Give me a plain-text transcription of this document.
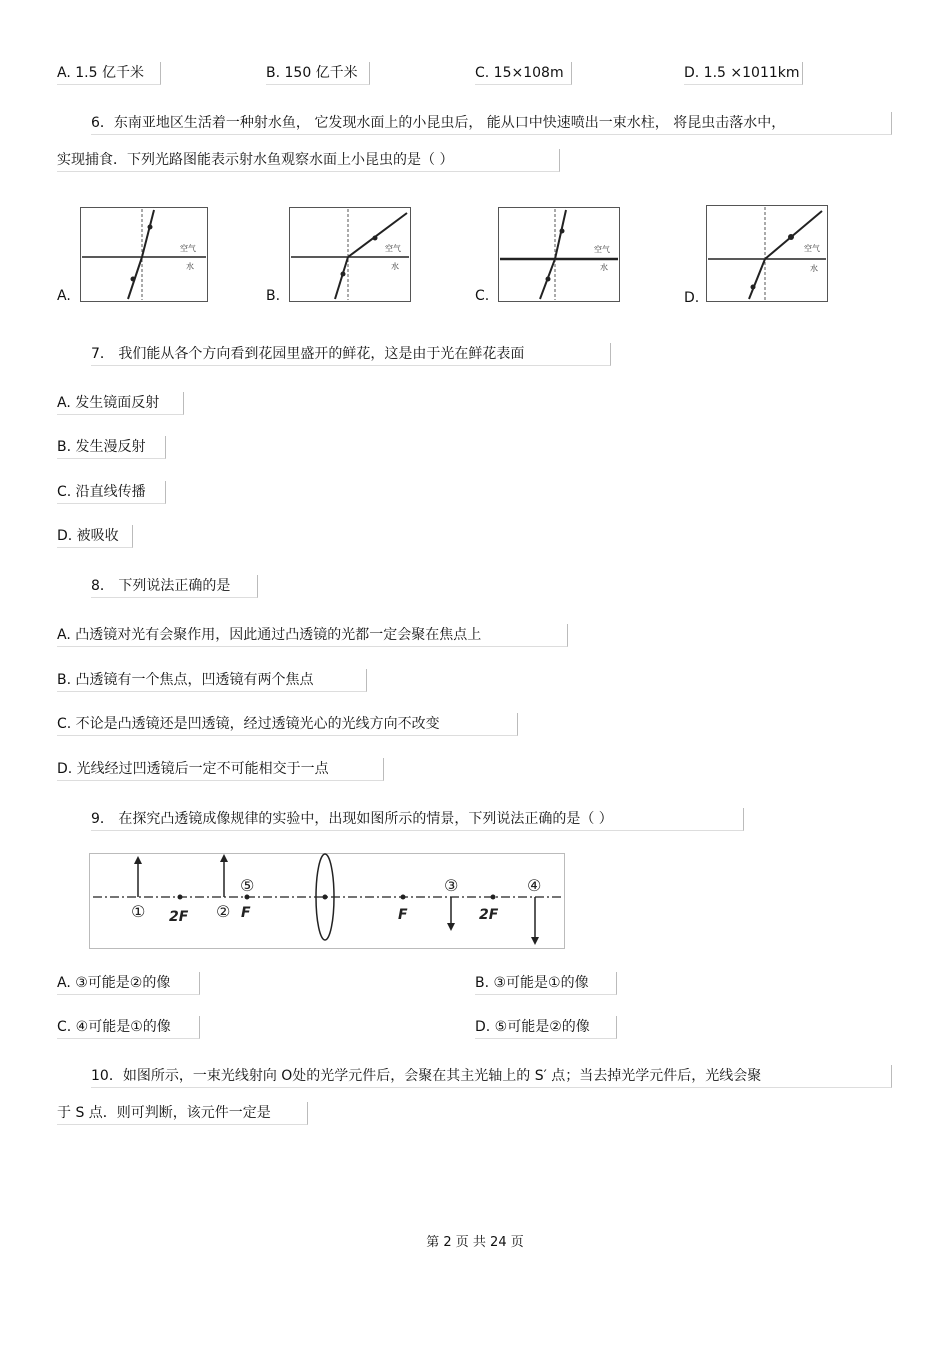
A. 1.5 亿千米	B. 150 亿千米	C. 15×108m	D. 1.5 ×1011km
6．东南亚地区生活着一种射水鱼， 它发现水面上的小昆虫后， 能从口中快速喷出一束水柱， 将昆虫击落水中，
实现捕食．下列光路图能表示射水鱼观察水面上小昆虫的是（ ）
A.
空气
水
B.
空气
水
C.
空气
水
D.
空气
水
7． 我们能从各个方向看到花园里盛开的鲜花，这是由于光在鲜花表面
A. 发生镜面反射
B. 发生漫反射
C. 沿直线传播
D. 被吸收
8． 下列说法正确的是
A. 凸透镜对光有会聚作用，因此通过凸透镜的光都一定会聚在焦点上
B. 凸透镜有一个焦点，凹透镜有两个焦点
C. 不论是凸透镜还是凹透镜，经过透镜光心的光线方向不改变
D. 光线经过凹透镜后一定不可能相交于一点
9． 在探究凸透镜成像规律的实验中，出现如图所示的情景，下列说法正确的是（ ）
① 2F ②
⑤
F	F
③
2F
④
A. ③可能是②的像	B. ③可能是①的像
C. ④可能是①的像	D. ⑤可能是②的像
10．如图所示，一束光线射向 O处的光学元件后，会聚在其主光轴上的 S′ 点；当去掉光学元件后，光线会聚
于 S 点．则可判断，该元件一定是
第 2 页 共 24 页
